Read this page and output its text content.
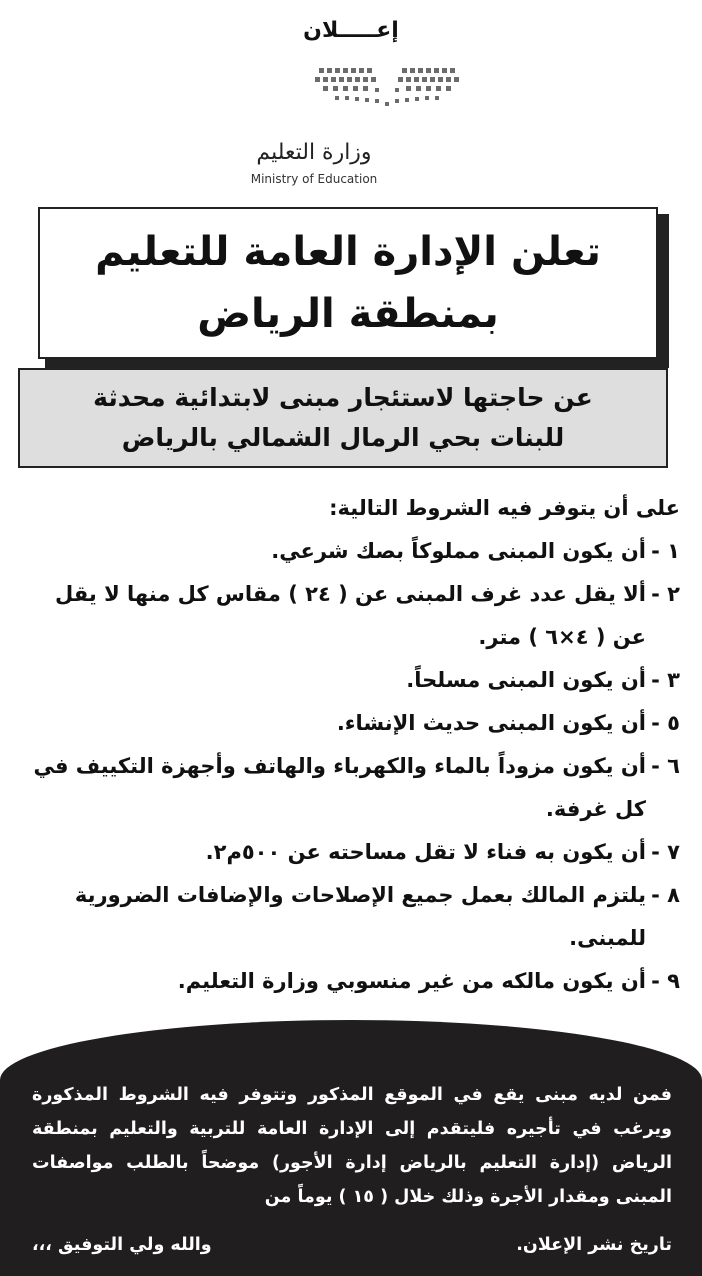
إعـــــلان
وزارة التعليم
Ministry of Education
تعلن الإدارة العامة للتعليم
بمنطقة الرياض
عن حاجتها لاستئجار مبنى لابتدائية محدثة
للبنات بحي الرمال الشمالي بالرياض
على أن يتوفر فيه الشروط التالية:
١ -
أن يكون المبنى مملوكاً بصك شرعي.
٢ -
ألا يقل عدد غرف المبنى عن ( ٢٤ ) مقاس كل منها لا يقل عن ( ٤×٦ ) متر.
٣ -
أن يكون المبنى مسلحاً.
٥ -
أن يكون المبنى حديث الإنشاء.
٦ -
أن يكون مزوداً بالماء والكهرباء والهاتف وأجهزة التكييف في كل غرفة.
٧ -
أن يكون به فناء لا تقل مساحته عن ٥٠٠م٢.
٨ -
يلتزم المالك بعمل جميع الإصلاحات والإضافات الضرورية للمبنى.
٩ -
أن يكون مالكه من غير منسوبي وزارة التعليم.
فمن لديه مبنى يقع في الموقع المذكور وتتوفر فيه الشروط المذكورة ويرغب في تأجيره فليتقدم إلى الإدارة العامة للتربية والتعليم بمنطقة الرياض (إدارة التعليم بالرياض إدارة الأجور) موضحاً بالطلب مواصفات المبنى ومقدار الأجرة وذلك خلال ( ١٥ ) يوماً من
تاريخ نشر الإعلان.
والله ولي التوفيق ،،،
